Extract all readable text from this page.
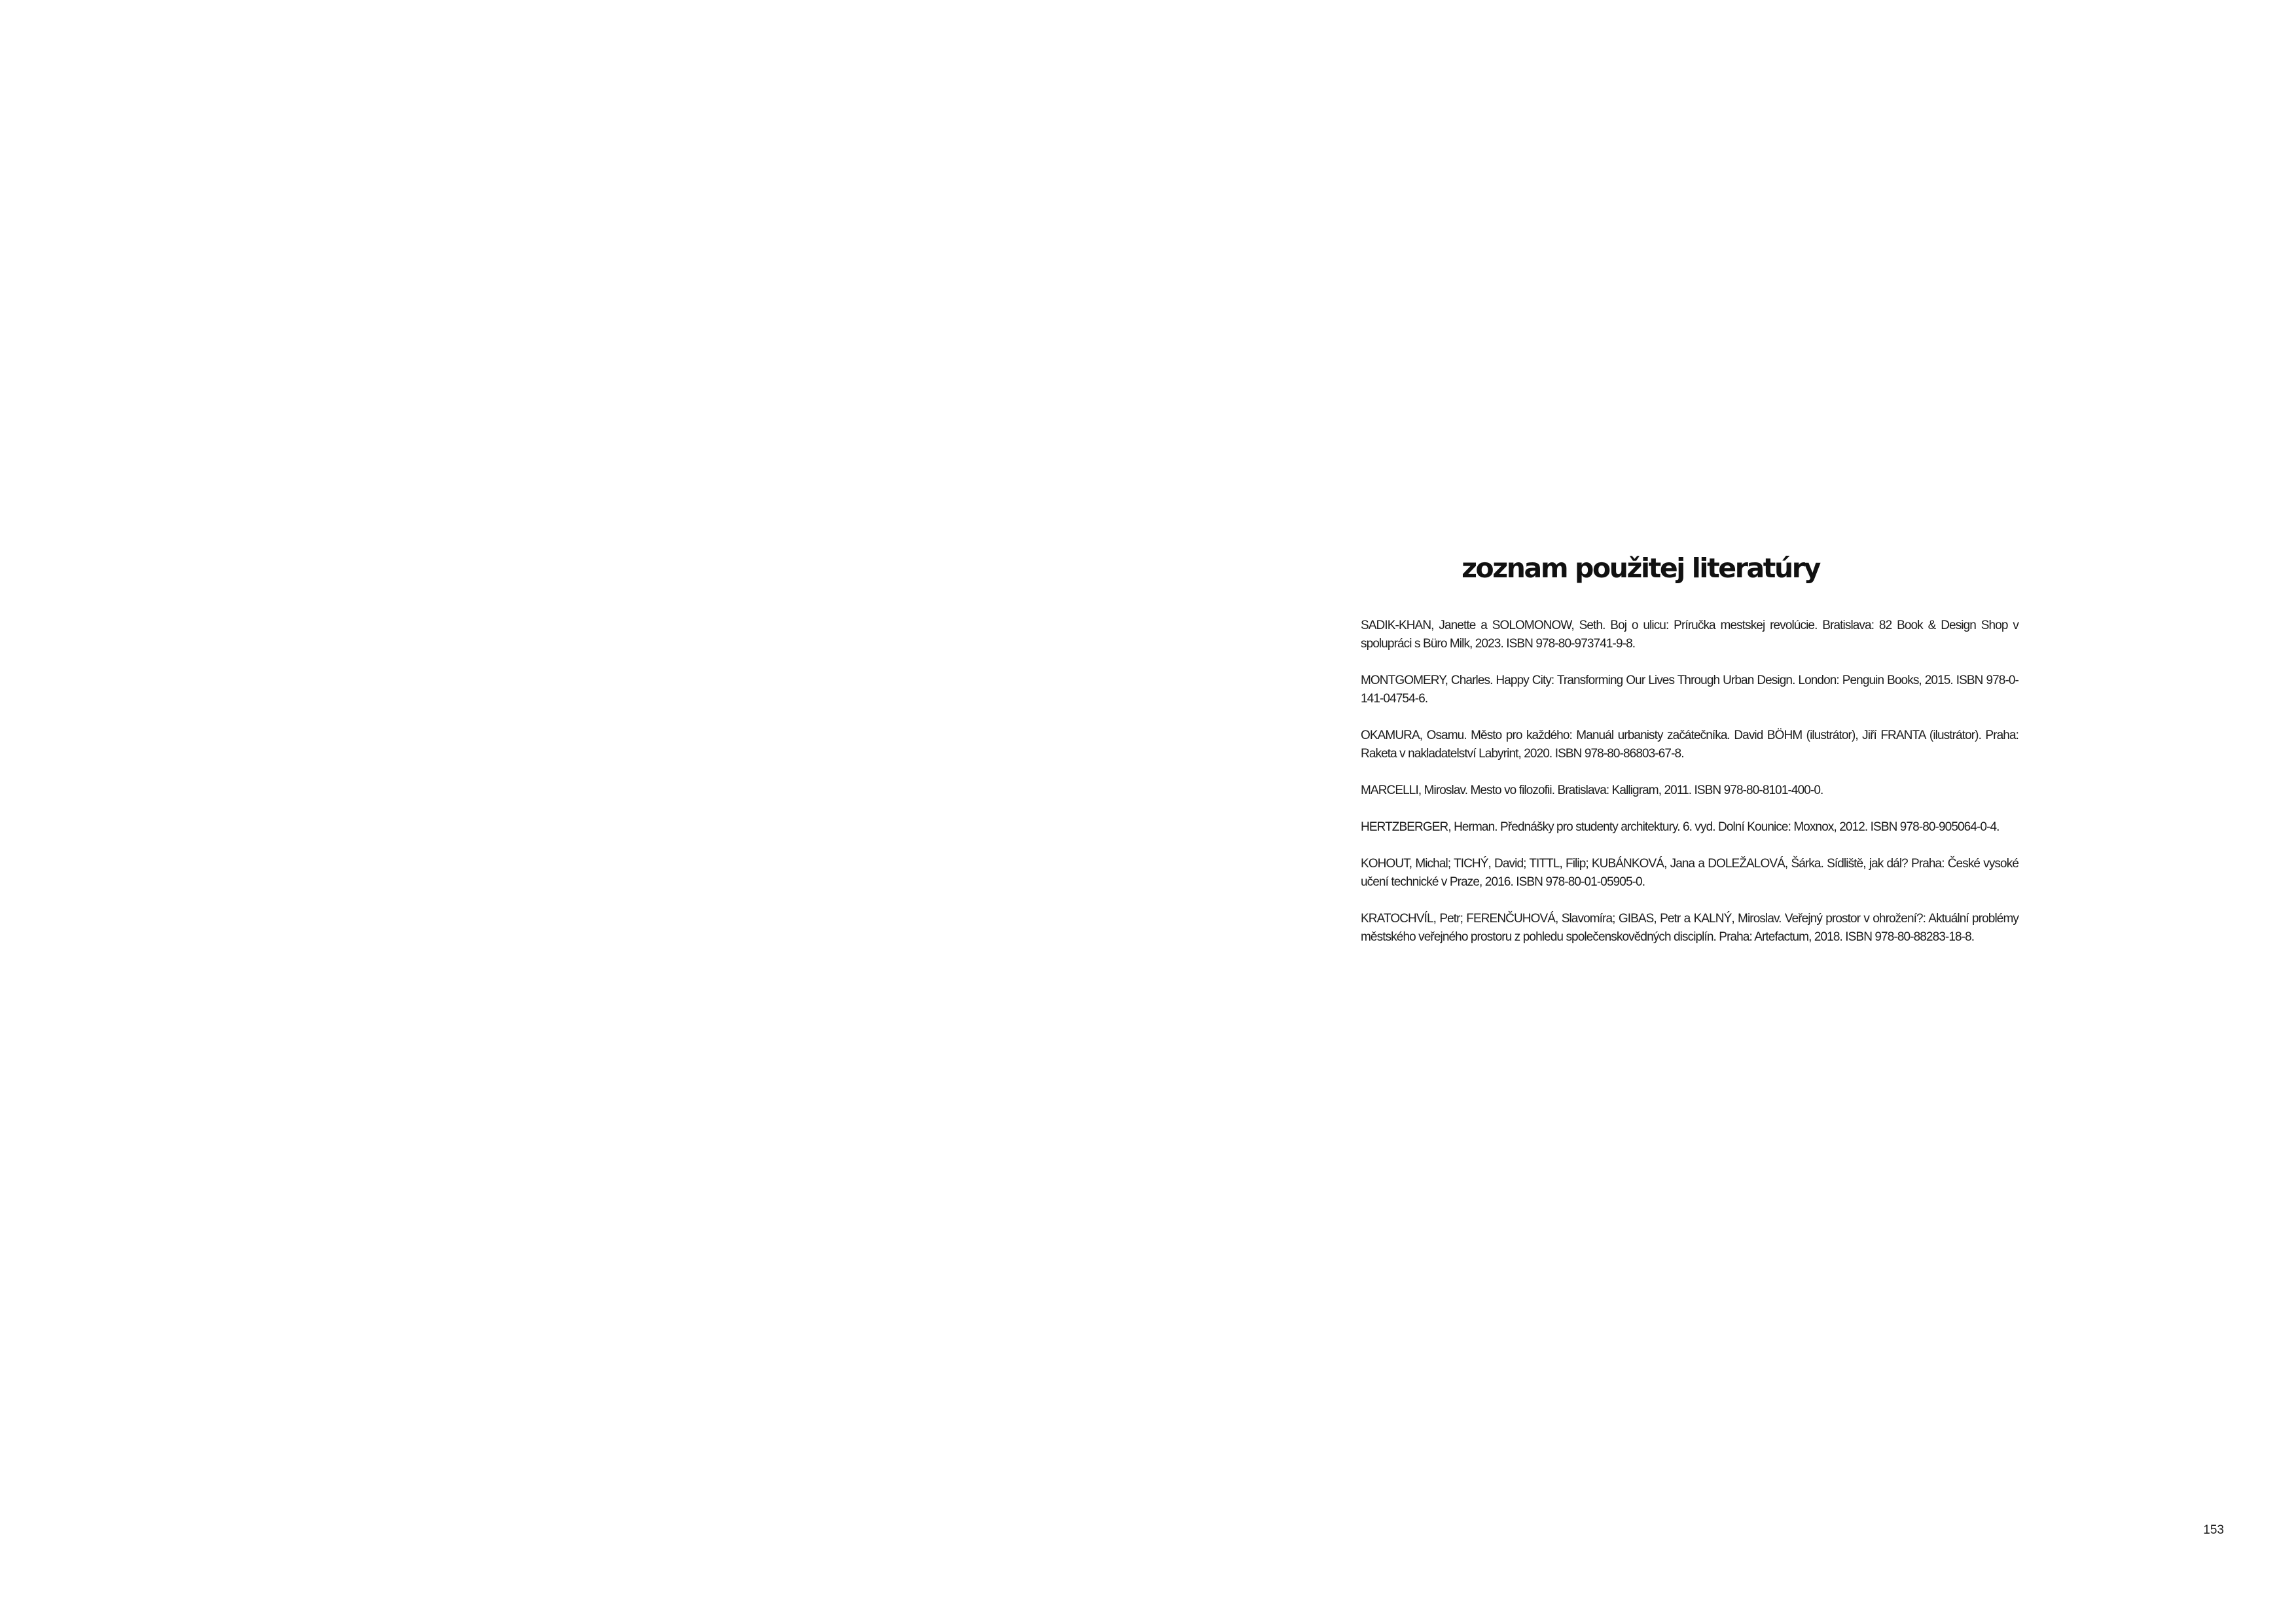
zoznam použitej literatúry
SADIK-KHAN, Janette a SOLOMONOW, Seth. Boj o ulicu: Príručka mestskej revolúcie. Bratislava: 82 Book & Design Shop v spolupráci s Büro Milk, 2023. ISBN 978-80-973741-9-8.
MONTGOMERY, Charles. Happy City: Transforming Our Lives Through Urban Design. London: Penguin Books, 2015. ISBN 978-0-141-04754-6.
OKAMURA, Osamu. Město pro každého: Manuál urbanisty začátečníka. David BÖHM (ilustrátor), Jiří FRANTA (ilustrátor). Praha: Raketa v nakladatelství Labyrint, 2020. ISBN 978-80-86803-67-8.
MARCELLI, Miroslav. Mesto vo filozofii. Bratislava: Kalligram, 2011. ISBN 978-80-8101-400-0.
HERTZBERGER, Herman. Přednášky pro studenty architektury. 6. vyd. Dolní Kounice: Moxnox, 2012. ISBN 978-80-905064-0-4.
KOHOUT, Michal; TICHÝ, David; TITTL, Filip; KUBÁNKOVÁ, Jana a DOLEŽALOVÁ, Šárka. Sídliště, jak dál? Praha: České vysoké učení technické v Praze, 2016. ISBN 978-80-01-05905-0.
KRATOCHVÍL, Petr; FERENČUHOVÁ, Slavomíra; GIBAS, Petr a KALNÝ, Miroslav. Veřejný prostor v ohrožení?: Aktuální problémy městského veřejného prostoru z pohledu společenskovědných disciplín. Praha: Artefactum, 2018. ISBN 978-80-88283-18-8.
153
